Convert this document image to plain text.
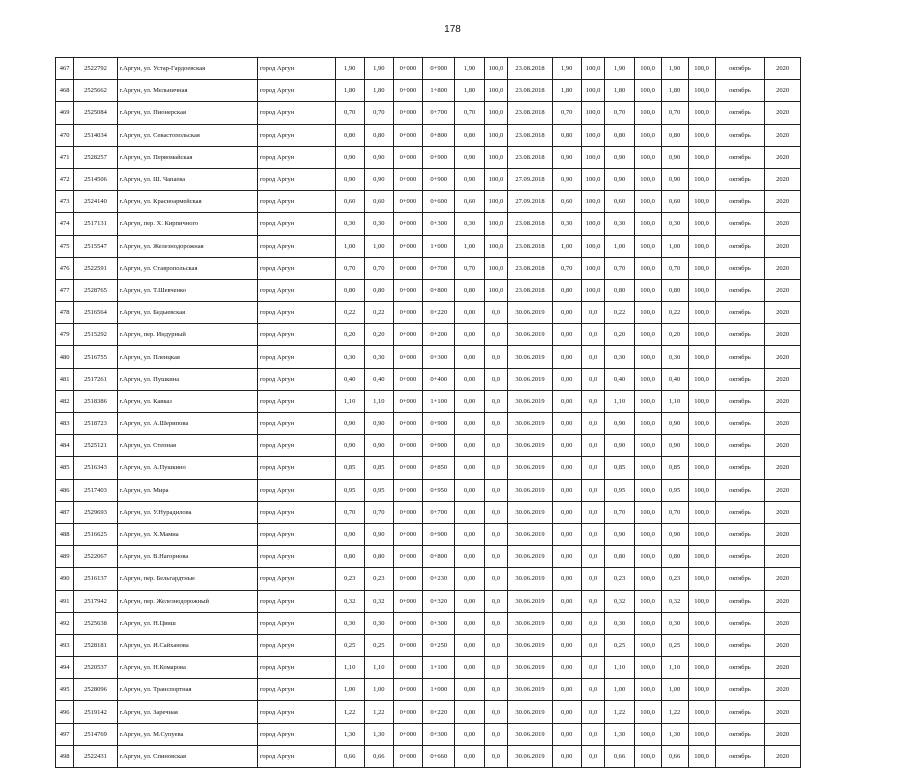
178
467	2522792	г.Аргун, ул. Устар-Гардоевская	город Аргун	1,90	1,90	0+000	0+900	1,90	100,0	23.08.2018	1,90	100,0	1,90	100,0	1,90	100,0	октябрь	2020
468	2525662	г.Аргун, ул. Мельничная	город Аргун	1,80	1,80	0+000	1+800	1,80	100,0	23.08.2018	1,80	100,0	1,80	100,0	1,80	100,0	октябрь	2020
469	2525084	г.Аргун, ул. Пионерская	город Аргун	0,70	0,70	0+000	0+700	0,70	100,0	23.08.2018	0,70	100,0	0,70	100,0	0,70	100,0	октябрь	2020
470	2514034	г.Аргун, ул. Севастопольская	город Аргун	0,80	0,80	0+000	0+800	0,80	100,0	23.08.2018	0,80	100,0	0,80	100,0	0,80	100,0	октябрь	2020
471	2528257	г.Аргун, ул. Первомайская	город Аргун	0,90	0,90	0+000	0+900	0,90	100,0	23.08.2018	0,90	100,0	0,90	100,0	0,90	100,0	октябрь	2020
472	2514506	г.Аргун, ул. Ш. Чапаева	город Аргун	0,90	0,90	0+000	0+900	0,90	100,0	27.09.2018	0,90	100,0	0,90	100,0	0,90	100,0	октябрь	2020
473	2524140	г.Аргун, ул. Красноармейская	город Аргун	0,60	0,60	0+000	0+600	0,60	100,0	27.09.2018	0,60	100,0	0,60	100,0	0,60	100,0	октябрь	2020
474	2517131	г.Аргун, пер. Х. Кирпичного	город Аргун	0,30	0,30	0+000	0+300	0,30	100,0	23.08.2018	0,30	100,0	0,30	100,0	0,30	100,0	октябрь	2020
475	2515547	г.Аргун, ул. Железнодорожная	город Аргун	1,00	1,00	0+000	1+000	1,00	100,0	23.08.2018	1,00	100,0	1,00	100,0	1,00	100,0	октябрь	2020
476	2522591	г.Аргун, ул. Ставропольская	город Аргун	0,70	0,70	0+000	0+700	0,70	100,0	23.08.2018	0,70	100,0	0,70	100,0	0,70	100,0	октябрь	2020
477	2528765	г.Аргун, ул. Т.Шевченко	город Аргун	0,80	0,80	0+000	0+800	0,80	100,0	23.08.2018	0,80	100,0	0,80	100,0	0,80	100,0	октябрь	2020
478	2516564	г.Аргун, ул. Бедыевская	город Аргун	0,22	0,22	0+000	0+220	0,00	0,0	30.06.2019	0,00	0,0	0,22	100,0	0,22	100,0	октябрь	2020
479	2515292	г.Аргун, пер. Индурный	город Аргун	0,20	0,20	0+000	0+200	0,00	0,0	30.06.2019	0,00	0,0	0,20	100,0	0,20	100,0	октябрь	2020
480	2516755	г.Аргун, ул. Пленцкая	город Аргун	0,30	0,30	0+000	0+300	0,00	0,0	30.06.2019	0,00	0,0	0,30	100,0	0,30	100,0	октябрь	2020
481	2517261	г.Аргун, ул. Пушкина	город Аргун	0,40	0,40	0+000	0+400	0,00	0,0	30.06.2019	0,00	0,0	0,40	100,0	0,40	100,0	октябрь	2020
482	2518386	г.Аргун, ул. Кавказ	город Аргун	1,10	1,10	0+000	1+100	0,00	0,0	30.06.2019	0,00	0,0	1,10	100,0	1,10	100,0	октябрь	2020
483	2518723	г.Аргун, ул. А.Шерипова	город Аргун	0,90	0,90	0+000	0+900	0,00	0,0	30.06.2019	0,00	0,0	0,90	100,0	0,90	100,0	октябрь	2020
484	2525121	г.Аргун, ул. Степная	город Аргун	0,90	0,90	0+000	0+900	0,00	0,0	30.06.2019	0,00	0,0	0,90	100,0	0,90	100,0	октябрь	2020
485	2516343	г.Аргун, ул. А.Пушкино	город Аргун	0,85	0,85	0+000	0+850	0,00	0,0	30.06.2019	0,00	0,0	0,85	100,0	0,85	100,0	октябрь	2020
486	2517403	г.Аргун, ул. Мира	город Аргун	0,95	0,95	0+000	0+950	0,00	0,0	30.06.2019	0,00	0,0	0,95	100,0	0,95	100,0	октябрь	2020
487	2529693	г.Аргун, ул. У.Нурадилова	город Аргун	0,70	0,70	0+000	0+700	0,00	0,0	30.06.2019	0,00	0,0	0,70	100,0	0,70	100,0	октябрь	2020
488	2516625	г.Аргун, ул. Х.Мамиа	город Аргун	0,90	0,90	0+000	0+900	0,00	0,0	30.06.2019	0,00	0,0	0,90	100,0	0,90	100,0	октябрь	2020
489	2522067	г.Аргун, ул. В.Нагорнова	город Аргун	0,80	0,80	0+000	0+800	0,00	0,0	30.06.2019	0,00	0,0	0,80	100,0	0,80	100,0	октябрь	2020
490	2516137	г.Аргун, пер. Бельгардтные	город Аргун	0,23	0,23	0+000	0+230	0,00	0,0	30.06.2019	0,00	0,0	0,23	100,0	0,23	100,0	октябрь	2020
491	2517942	г.Аргун, пер. Железнодорожный	город Аргун	0,32	0,32	0+000	0+320	0,00	0,0	30.06.2019	0,00	0,0	0,32	100,0	0,32	100,0	октябрь	2020
492	2525638	г.Аргун, ул. Н.Цвиш	город Аргун	0,30	0,30	0+000	0+300	0,00	0,0	30.06.2019	0,00	0,0	0,30	100,0	0,30	100,0	октябрь	2020
493	2528181	г.Аргун, ул. И.Сайханова	город Аргун	0,25	0,25	0+000	0+250	0,00	0,0	30.06.2019	0,00	0,0	0,25	100,0	0,25	100,0	октябрь	2020
494	2520537	г.Аргун, ул. Н.Комарова	город Аргун	1,10	1,10	0+000	1+100	0,00	0,0	30.06.2019	0,00	0,0	1,10	100,0	1,10	100,0	октябрь	2020
495	2528096	г.Аргун, ул. Транспортная	город Аргун	1,00	1,00	0+000	1+000	0,00	0,0	30.06.2019	0,00	0,0	1,00	100,0	1,00	100,0	октябрь	2020
496	2519142	г.Аргун, ул. Заречная	город Аргун	1,22	1,22	0+000	0+220	0,00	0,0	30.06.2019	0,00	0,0	1,22	100,0	1,22	100,0	октябрь	2020
497	2514769	г.Аргун, ул. М.Супуева	город Аргун	1,30	1,30	0+000	0+300	0,00	0,0	30.06.2019	0,00	0,0	1,30	100,0	1,30	100,0	октябрь	2020
498	2522431	г.Аргун, ул. Спиновская	город Аргун	0,66	0,66	0+000	0+660	0,00	0,0	30.06.2019	0,00	0,0	0,66	100,0	0,66	100,0	октябрь	2020
